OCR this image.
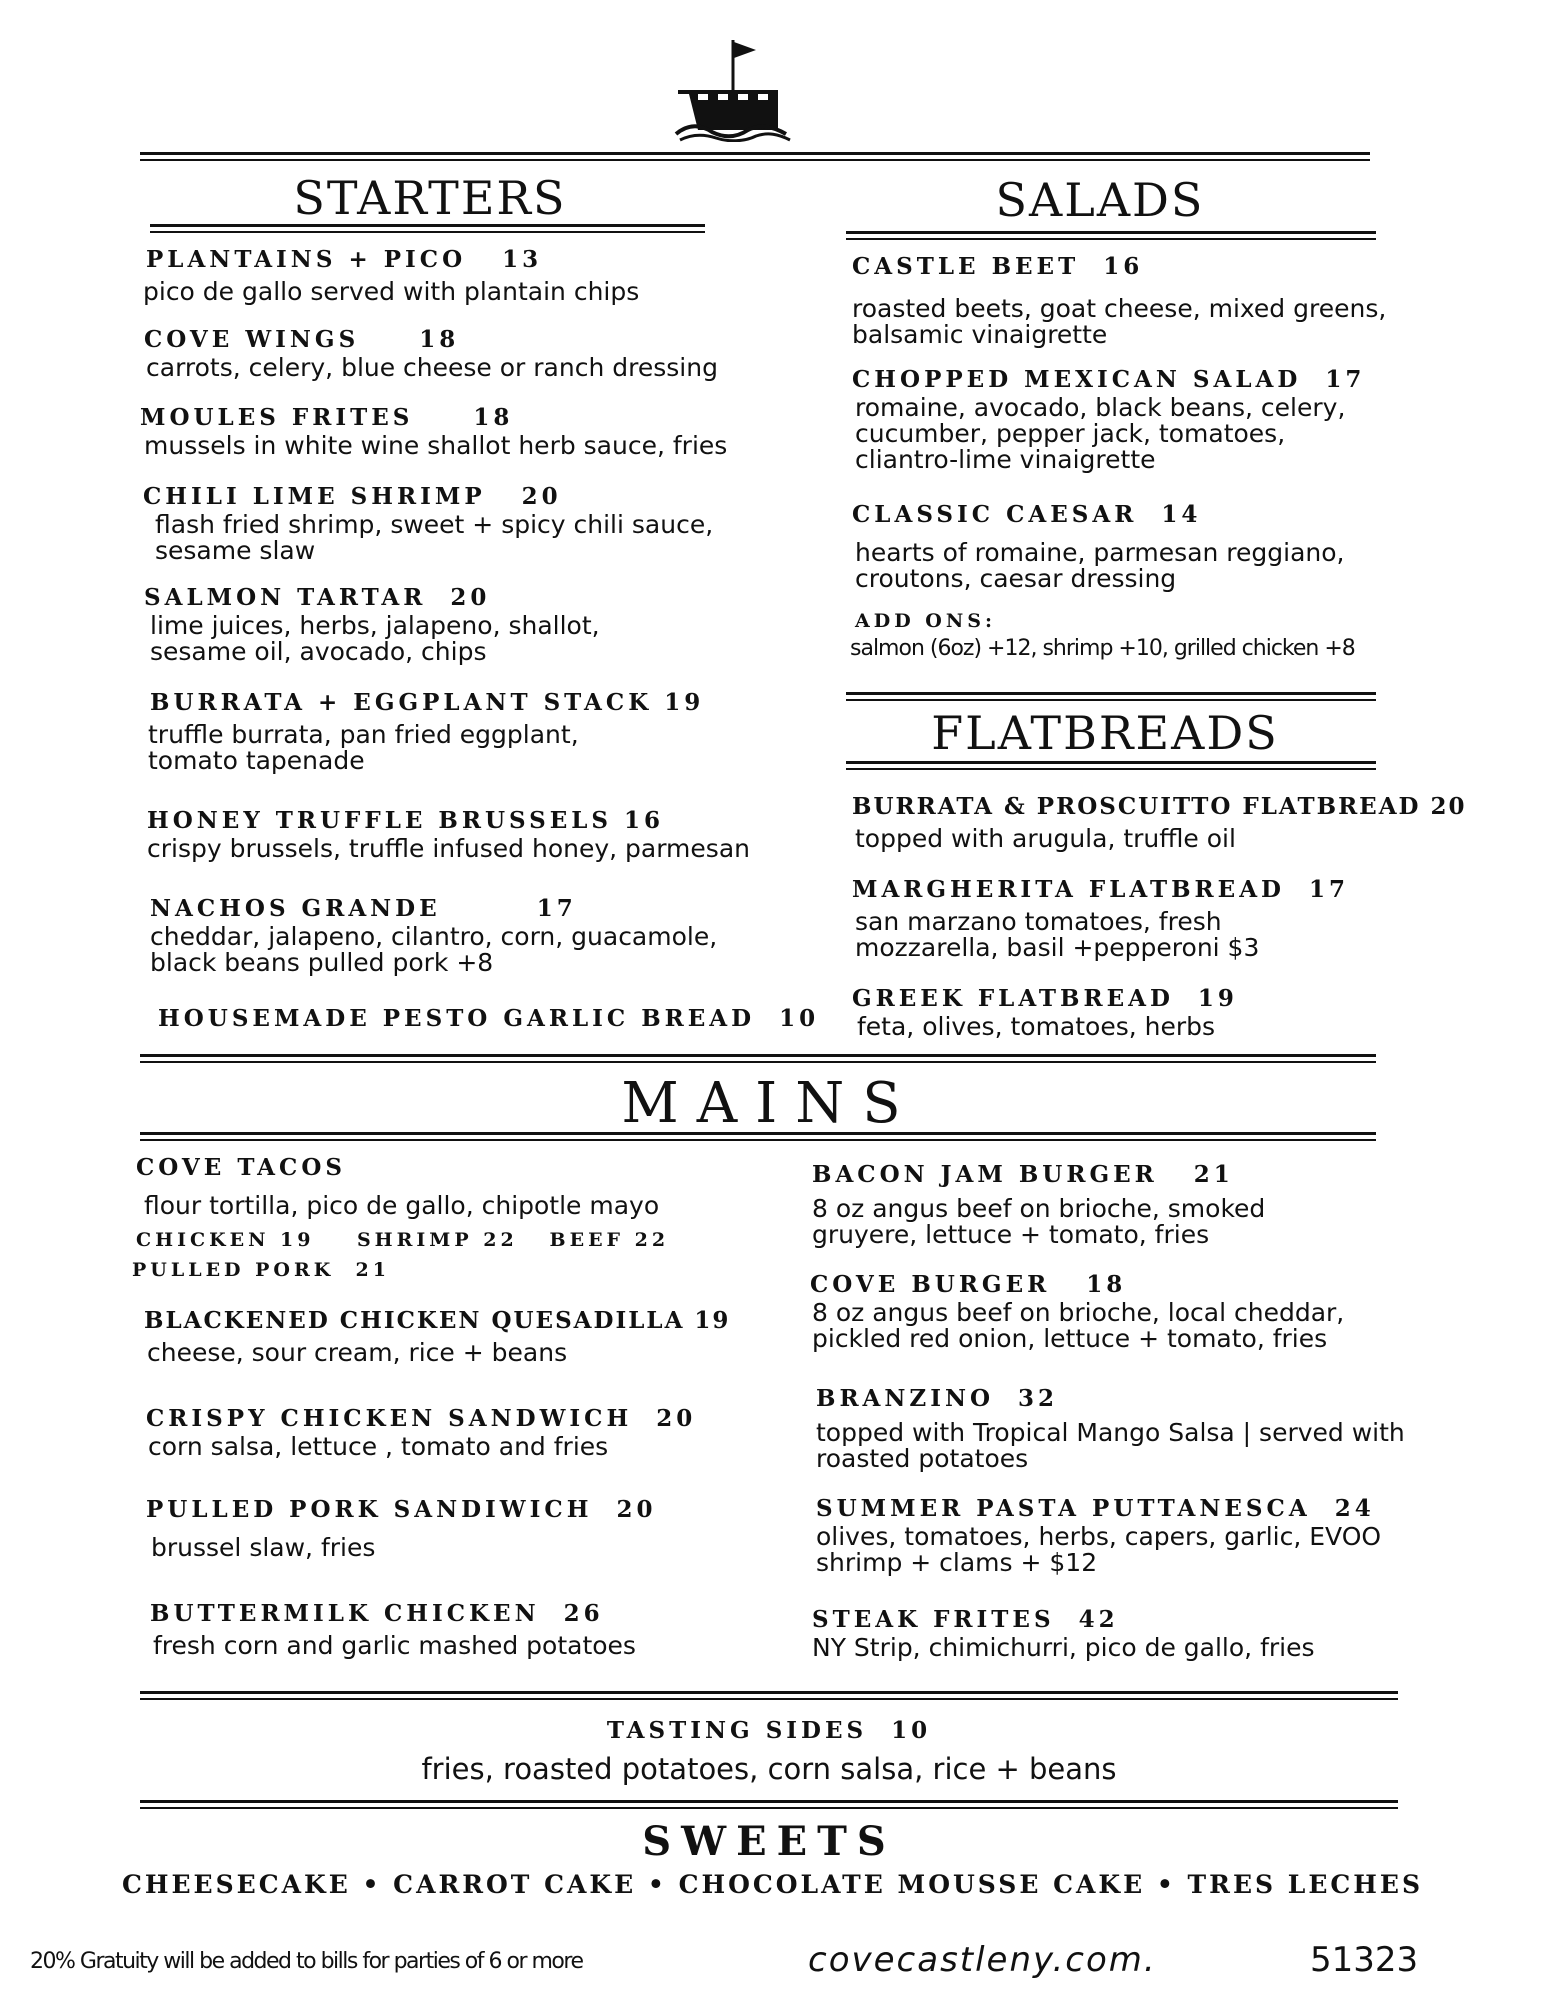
STARTERS
PLANTAINS + PICO   13
pico de gallo served with plantain chips
COVE WINGS     18
carrots, celery, blue cheese or ranch dressing
MOULES FRITES     18
mussels in white wine shallot herb sauce, fries
CHILI LIME SHRIMP   20
flash fried shrimp, sweet + spicy chili sauce,
sesame slaw
SALMON TARTAR  20
lime juices, herbs, jalapeno, shallot,
sesame oil, avocado, chips
BURRATA + EGGPLANT STACK 19
truffle burrata, pan fried eggplant,
tomato tapenade
HONEY TRUFFLE BRUSSELS 16
crispy brussels, truffle infused honey, parmesan
NACHOS GRANDE        17
cheddar, jalapeno, cilantro, corn, guacamole,
black beans pulled pork +8
HOUSEMADE PESTO GARLIC BREAD  10
SALADS
CASTLE BEET  16
roasted beets, goat cheese, mixed greens,
balsamic vinaigrette
CHOPPED MEXICAN SALAD  17
romaine, avocado, black beans, celery,
cucumber, pepper jack, tomatoes,
cliantro-lime vinaigrette
CLASSIC CAESAR  14
hearts of romaine, parmesan reggiano,
croutons, caesar dressing
ADD ONS:
salmon (6oz) +12, shrimp +10, grilled chicken +8
FLATBREADS
BURRATA & PROSCUITTO FLATBREAD 20
topped with arugula, truffle oil
MARGHERITA FLATBREAD  17
san marzano tomatoes, fresh
mozzarella, basil +pepperoni $3
GREEK FLATBREAD  19
feta, olives, tomatoes, herbs
MAINS
COVE TACOS
flour tortilla, pico de gallo, chipotle mayo
CHICKEN 19    SHRIMP 22   BEEF 22
PULLED PORK  21
BLACKENED CHICKEN QUESADILLA 19
cheese, sour cream, rice + beans
CRISPY CHICKEN SANDWICH  20
corn salsa, lettuce , tomato and fries
PULLED PORK SANDIWICH  20
brussel slaw, fries
BUTTERMILK CHICKEN  26
fresh corn and garlic mashed potatoes
BACON JAM BURGER   21
8 oz angus beef on brioche, smoked
gruyere, lettuce + tomato, fries
COVE BURGER   18
8 oz angus beef on brioche, local cheddar,
pickled red onion, lettuce + tomato, fries
BRANZINO  32
topped with Tropical Mango Salsa | served with
roasted potatoes
SUMMER PASTA PUTTANESCA  24
olives, tomatoes, herbs, capers, garlic, EVOO
shrimp + clams + $12
STEAK FRITES  42
NY Strip, chimichurri, pico de gallo, fries
TASTING SIDES  10
fries, roasted potatoes, corn salsa, rice + beans
SWEETS
CHEESECAKE • CARROT CAKE • CHOCOLATE MOUSSE CAKE • TRES LECHES
20% Gratuity will be added to bills for parties of 6 or more	covecastleny.com.	51323
